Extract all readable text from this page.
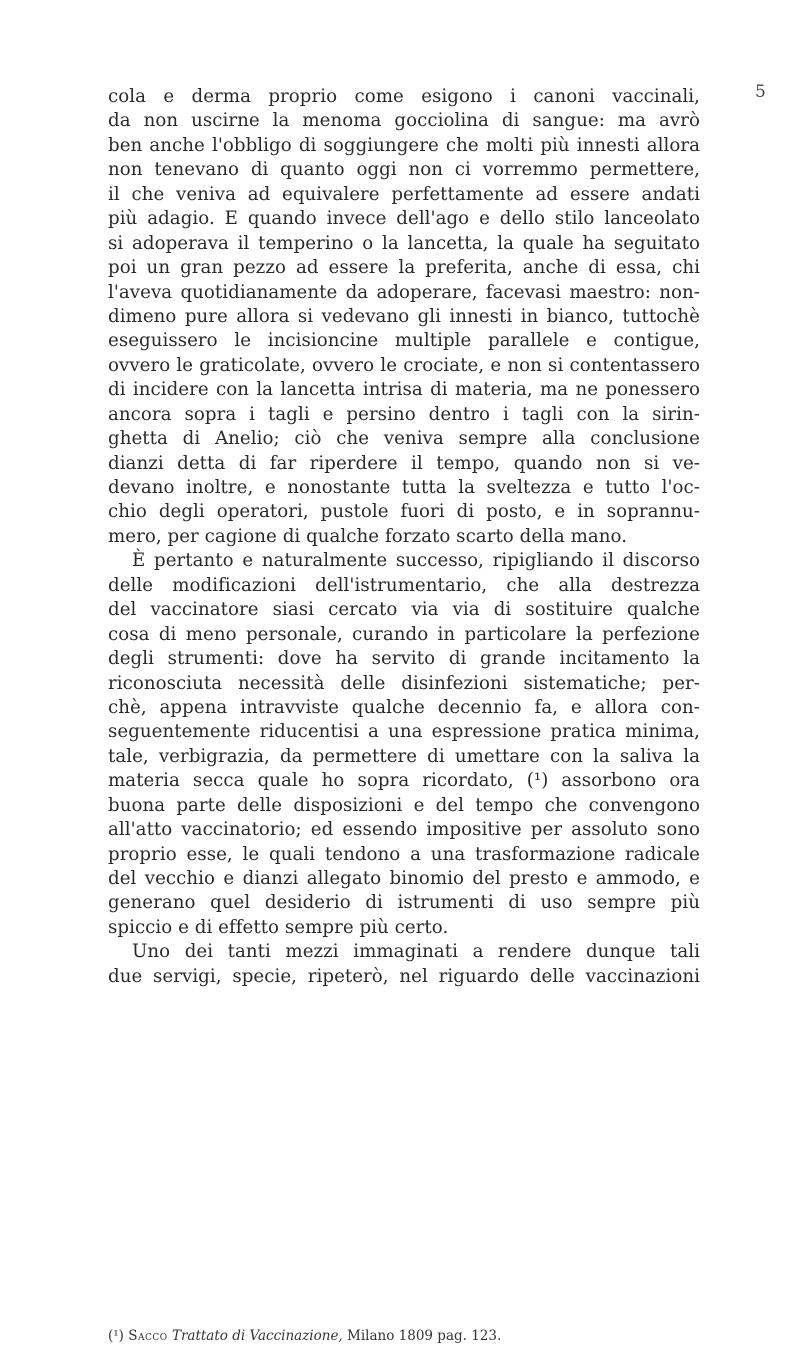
5
cola e derma proprio come esigono i canoni vaccinali,
da non uscirne la menoma gocciolina di sangue: ma avrò
ben anche l'obbligo di soggiungere che molti più innesti allora
non tenevano di quanto oggi non ci vorremmo permettere,
il che veniva ad equivalere perfettamente ad essere andati
più adagio. E quando invece dell'ago e dello stilo lanceolato
si adoperava il temperino o la lancetta, la quale ha seguitato
poi un gran pezzo ad essere la preferita, anche di essa, chi
l'aveva quotidianamente da adoperare, facevasi maestro: non-
dimeno pure allora si vedevano gli innesti in bianco, tuttochè
eseguissero le incisioncine multiple parallele e contigue,
ovvero le graticolate, ovvero le crociate, e non si contentassero
di incidere con la lancetta intrisa di materia, ma ne ponessero
ancora sopra i tagli e persino dentro i tagli con la sirin-
ghetta di Anelio; ciò che veniva sempre alla conclusione
dianzi detta di far riperdere il tempo, quando non si ve-
devano inoltre, e nonostante tutta la sveltezza e tutto l'oc-
chio degli operatori, pustole fuori di posto, e in soprannu-
mero, per cagione di qualche forzato scarto della mano.
È pertanto e naturalmente successo, ripigliando il discorso
delle modificazioni dell'istrumentario, che alla destrezza
del vaccinatore siasi cercato via via di sostituire qualche
cosa di meno personale, curando in particolare la perfezione
degli strumenti: dove ha servito di grande incitamento la
riconosciuta necessità delle disinfezioni sistematiche; per-
chè, appena intravviste qualche decennio fa, e allora con-
seguentemente riducentisi a una espressione pratica minima,
tale, verbigrazia, da permettere di umettare con la saliva la
materia secca quale ho sopra ricordato, (¹) assorbono ora
buona parte delle disposizioni e del tempo che convengono
all'atto vaccinatorio; ed essendo impositive per assoluto sono
proprio esse, le quali tendono a una trasformazione radicale
del vecchio e dianzi allegato binomio del presto e ammodo, e
generano quel desiderio di istrumenti di uso sempre più
spiccio e di effetto sempre più certo.
Uno dei tanti mezzi immaginati a rendere dunque tali
due servigi, specie, ripeterò, nel riguardo delle vaccinazioni
(¹) Sacco Trattato di Vaccinazione, Milano 1809 pag. 123.
